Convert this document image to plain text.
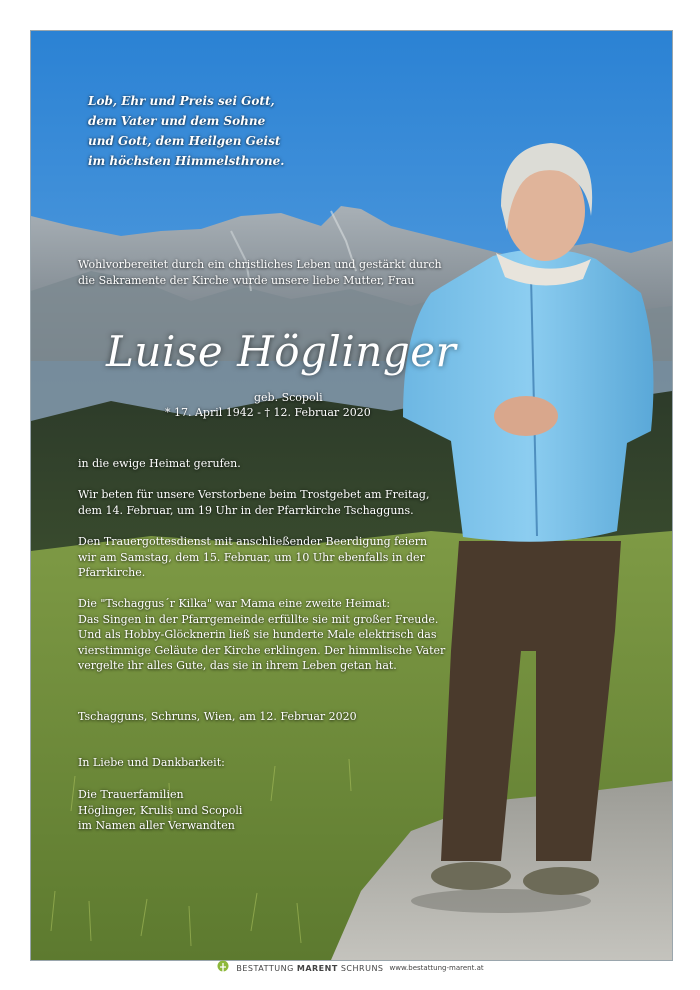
Lob, Ehr und Preis sei Gott,
dem Vater und dem Sohne
und Gott, dem Heilgen Geist
im höchsten Himmelsthrone.
Wohlvorbereitet durch ein christliches Leben und gestärkt durch
die Sakramente der Kirche wurde unsere liebe Mutter, Frau
Luise Höglinger
geb. Scopoli
* 17. April 1942 - † 12. Februar 2020
in die ewige Heimat gerufen.
Wir beten für unsere Verstorbene beim Trostgebet am Freitag,
dem 14. Februar, um 19 Uhr in der Pfarrkirche Tschagguns.
Den Trauergottesdienst mit anschließender Beerdigung feiern
wir am Samstag, dem 15. Februar, um 10 Uhr ebenfalls in der
Pfarrkirche.
Die "Tschaggus´r Kilka" war Mama eine zweite Heimat:
Das Singen in der Pfarrgemeinde erfüllte sie mit großer Freude.
Und als Hobby-Glöcknerin ließ sie hunderte Male elektrisch das
vierstimmige Geläute der Kirche erklingen. Der himmlische Vater
vergelte ihr alles Gute, das sie in ihrem Leben getan hat.
Tschagguns, Schruns, Wien, am 12. Februar 2020
In Liebe und Dankbarkeit:
Die Trauerfamilien
Höglinger, Krulis und Scopoli
im Namen aller Verwandten
BESTATTUNG MARENT SCHRUNS www.bestattung-marent.at
